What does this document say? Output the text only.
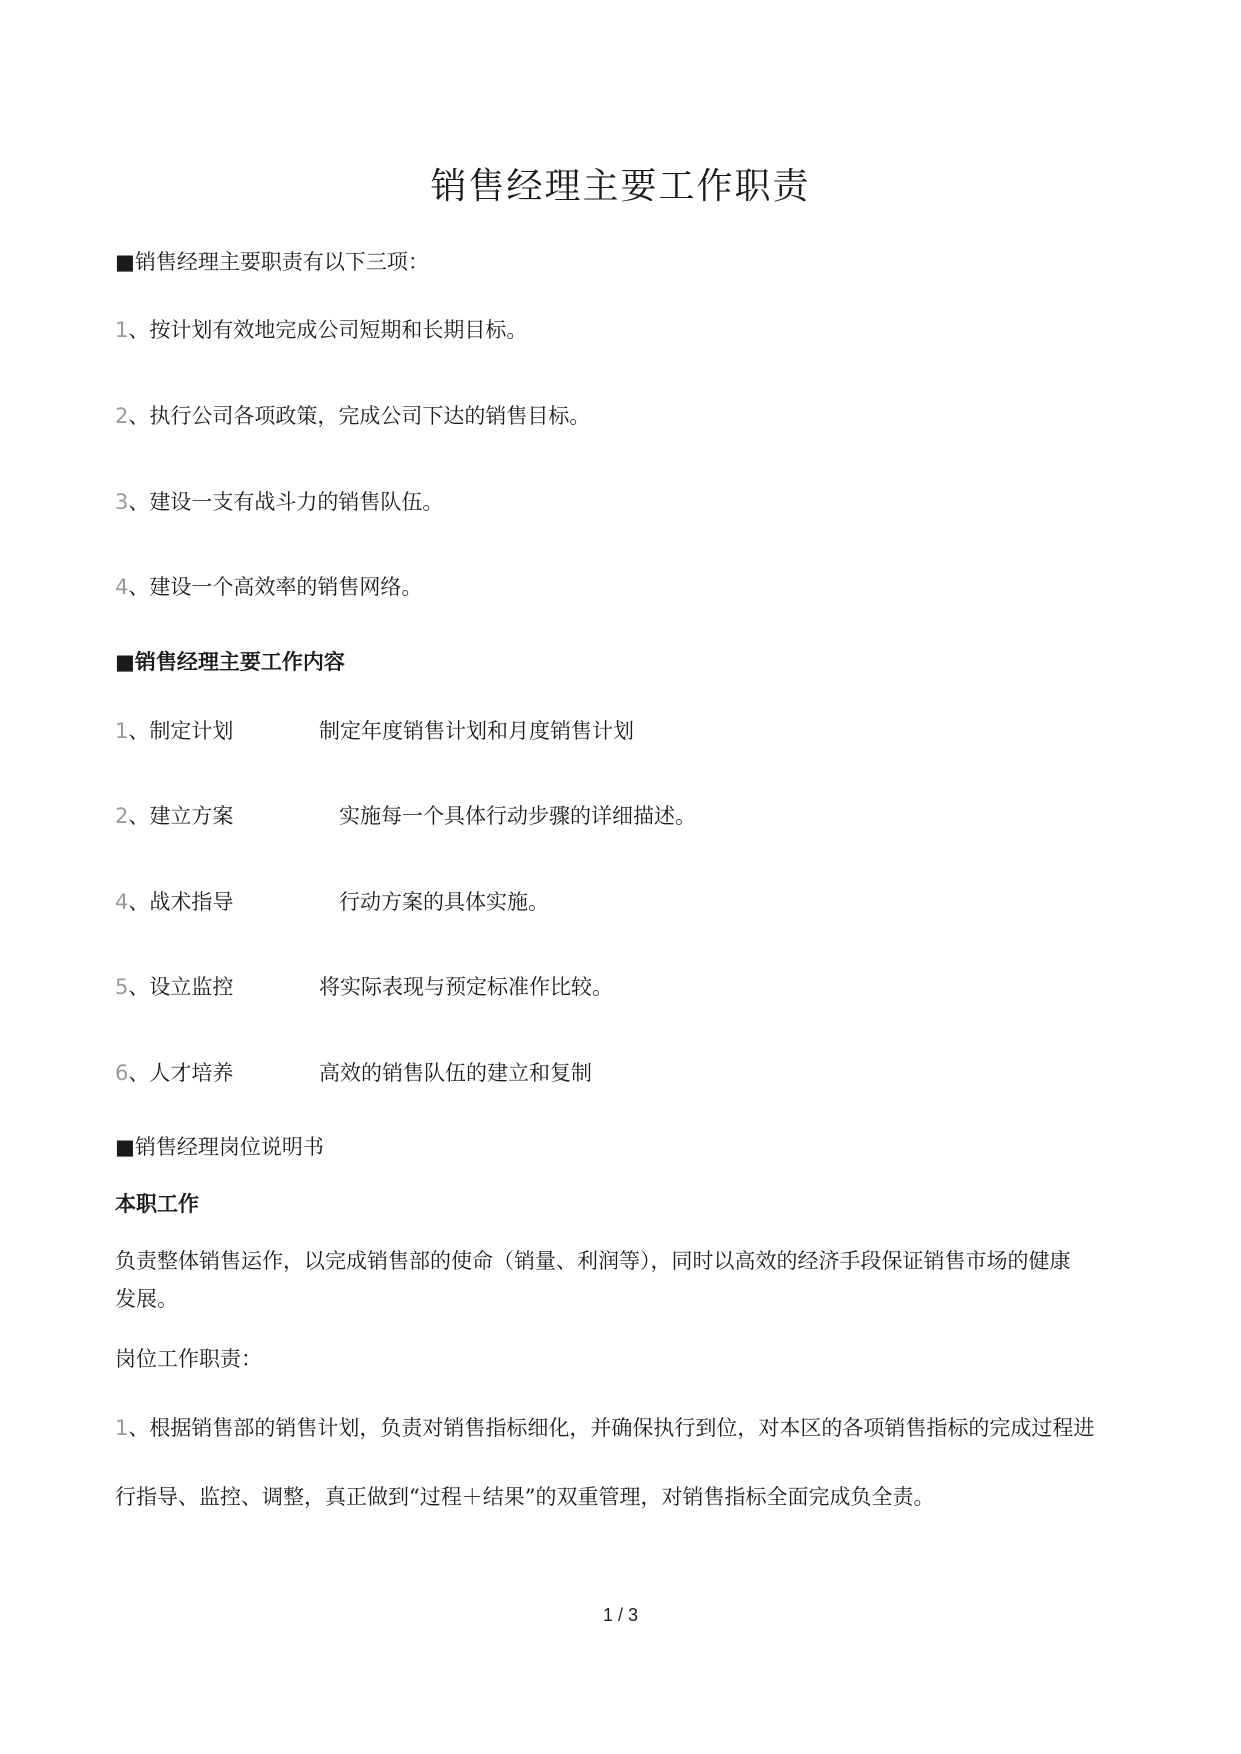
销售经理主要工作职责
■销售经理主要职责有以下三项：
1、按计划有效地完成公司短期和长期目标。
2、执行公司各项政策，完成公司下达的销售目标。
3、建设一支有战斗力的销售队伍。
4、建设一个高效率的销售网络。
■销售经理主要工作内容
1、制定计划	制定年度销售计划和月度销售计划
2、建立方案	实施每一个具体行动步骤的详细描述。
4、战术指导	行动方案的具体实施。
5、设立监控	将实际表现与预定标准作比较。
6、人才培养	高效的销售队伍的建立和复制
■销售经理岗位说明书
本职工作
负责整体销售运作，以完成销售部的使命（销量、利润等），同时以高效的经济手段保证销售市场的健康
发展。
岗位工作职责：
1、根据销售部的销售计划，负责对销售指标细化，并确保执行到位，对本区的各项销售指标的完成过程进
行指导、监控、调整，真正做到“过程＋结果”的双重管理，对销售指标全面完成负全责。
1 / 3
